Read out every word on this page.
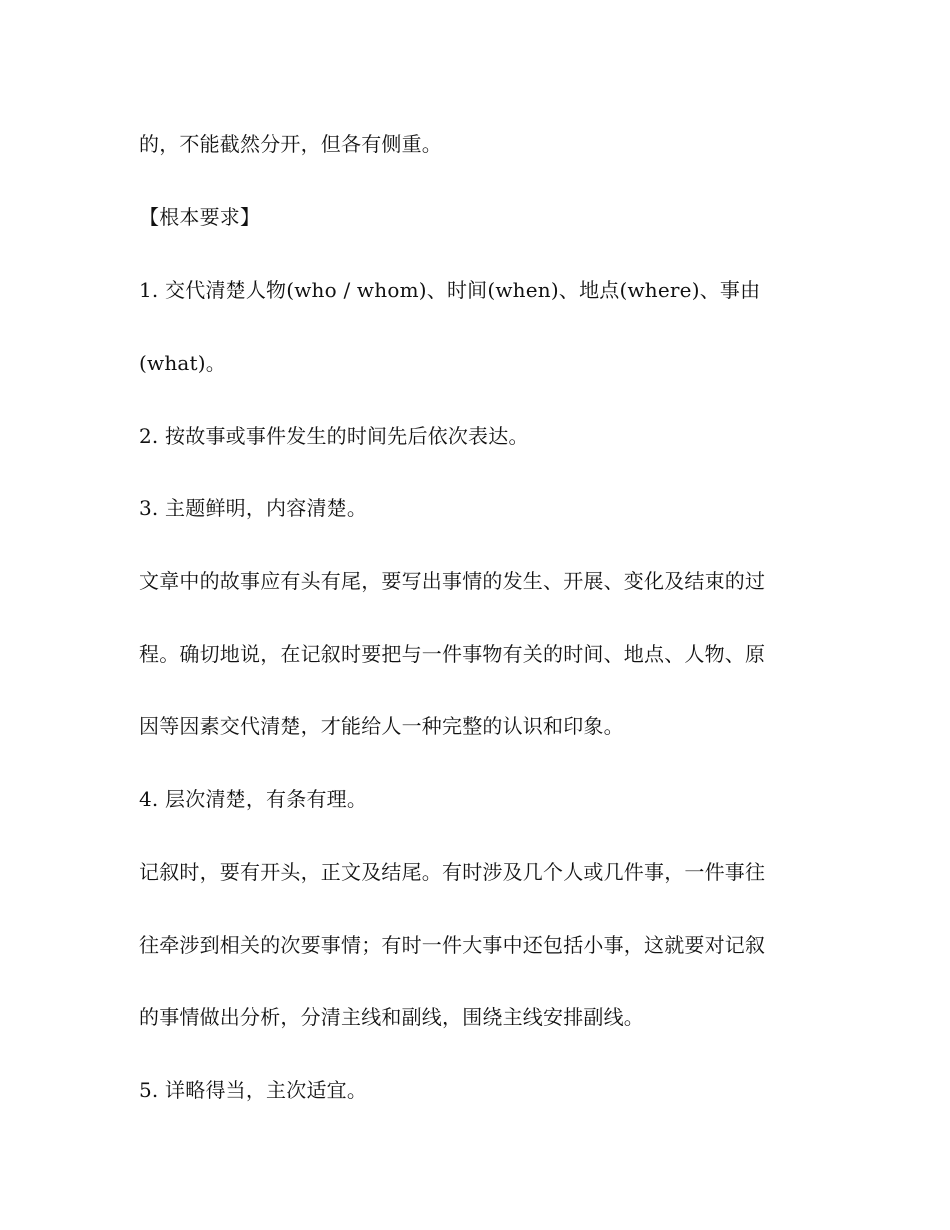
的，不能截然分开，但各有侧重。
【根本要求】
1. 交代清楚人物(who / whom)、时间(when)、地点(where)、事由
(what)。
2. 按故事或事件发生的时间先后依次表达。
3. 主题鲜明，内容清楚。
文章中的故事应有头有尾，要写出事情的发生、开展、变化及结束的过
程。确切地说，在记叙时要把与一件事物有关的时间、地点、人物、原
因等因素交代清楚，才能给人一种完整的认识和印象。
4. 层次清楚，有条有理。
记叙时，要有开头，正文及结尾。有时涉及几个人或几件事，一件事往
往牵涉到相关的次要事情；有时一件大事中还包括小事，这就要对记叙
的事情做出分析，分清主线和副线，围绕主线安排副线。
5. 详略得当，主次适宜。
